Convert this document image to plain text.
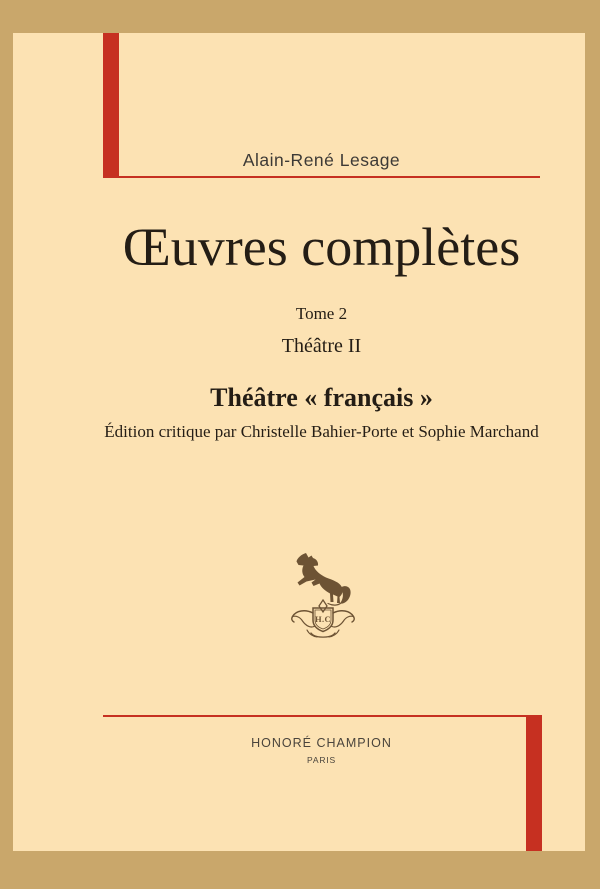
Alain-René Lesage
Œuvres complètes
Tome 2
Théâtre II
Théâtre « français »
Édition critique par Christelle Bahier-Porte et Sophie Marchand
H.C
HONORÉ CHAMPION
PARIS
